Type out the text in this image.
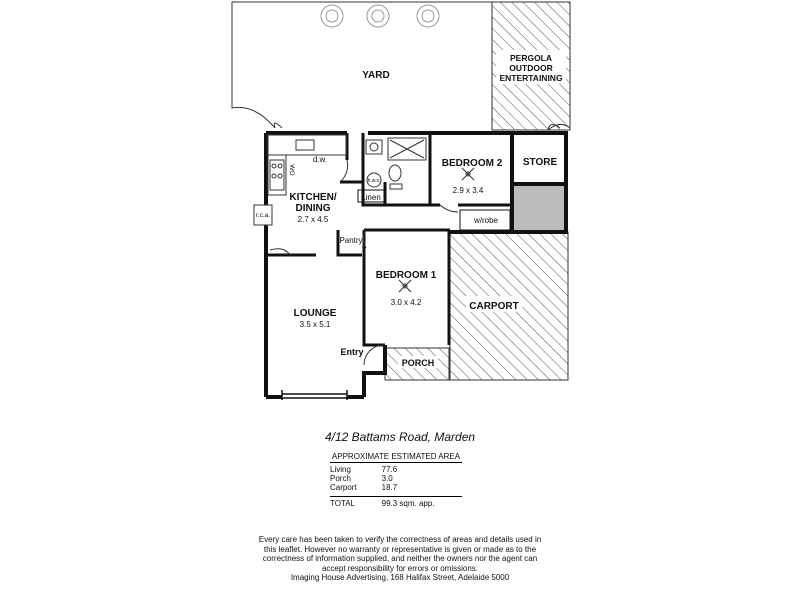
YARD
PERGOLA
OUTDOOR
ENTERTAINING
STORE
KITCHEN/
DINING
2.7 x 4.5
BEDROOM 2
2.9 x 3.4
BEDROOM 1
3.0 x 4.2
LOUNGE
3.5 x 5.1
CARPORT
PORCH
Entry
Linen
Pantry
w/robe
d.w.
r.c.a.
WO
h.w.s.
4/12 Battams Road, Marden
APPROXIMATE ESTIMATED AREA
Living	77.6
Porch	3.0
Carport	18.7

TOTAL	99.3 sqm. app.
Every care has been taken to verify the correctness of areas and details used in
this leaflet. However no warranty or representative is given or made as to the
correctness of information supplied, and neither the owners nor the agent can
accept responsibility for errors or omissions.
Imaging House Advertising, 168 Halifax Street, Adelaide 5000
